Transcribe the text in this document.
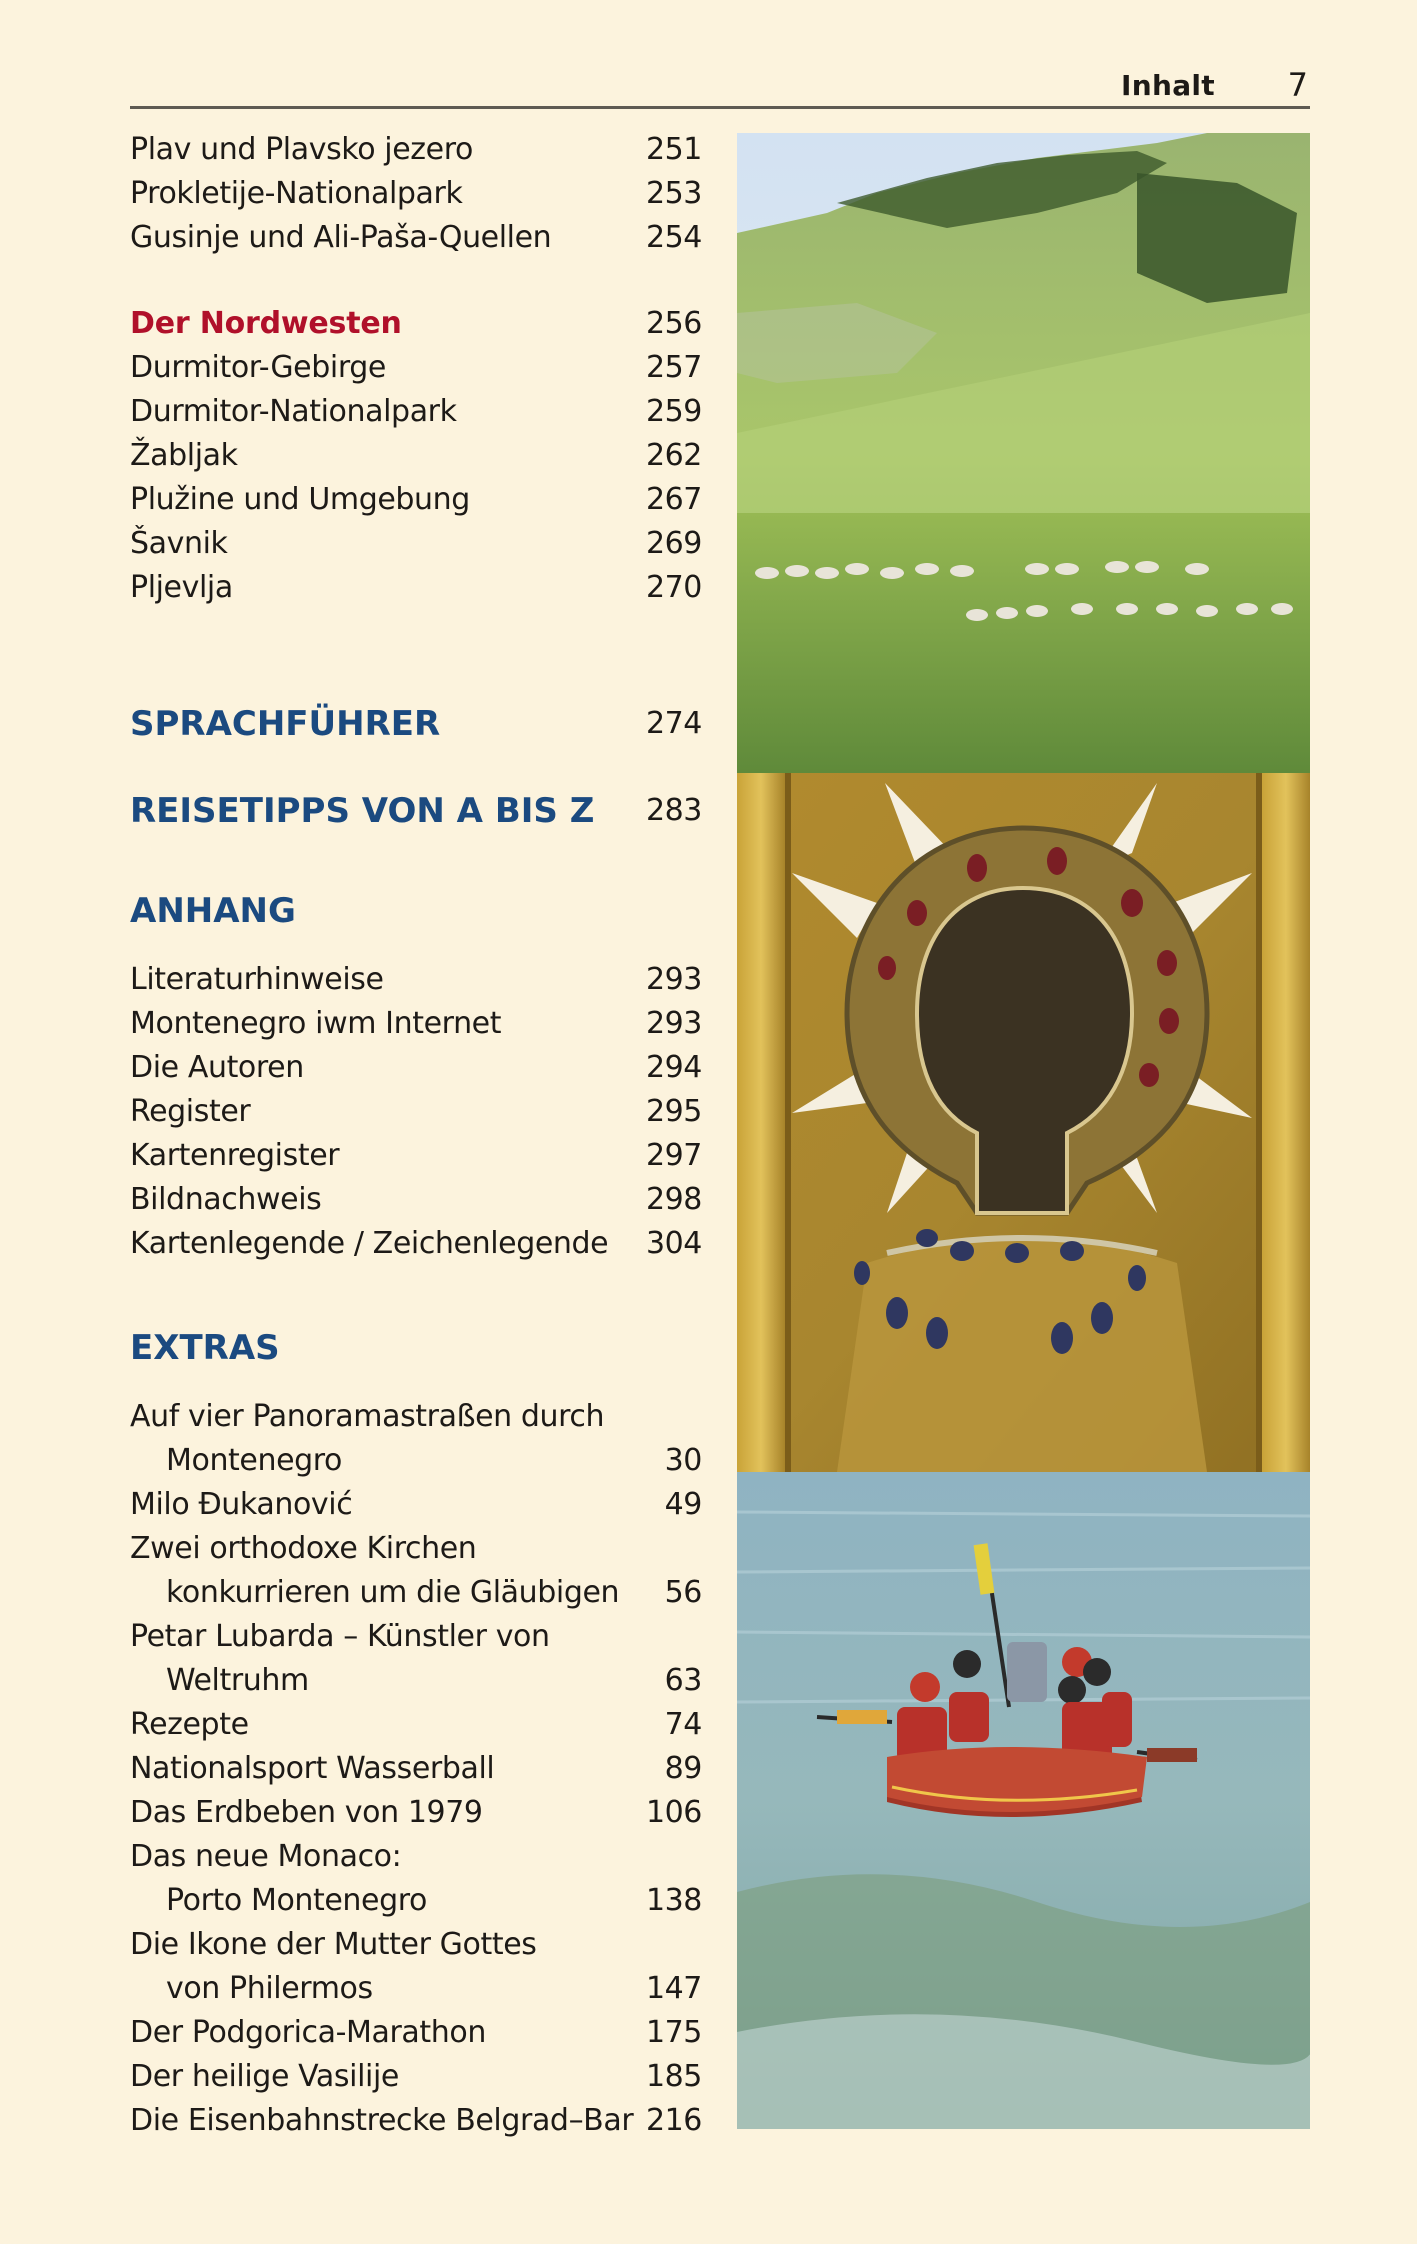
Inhalt 7
Plav und Plavsko jezero	251
Prokletije-Nationalpark	253
Gusinje und Ali-Paša-Quellen	254
Der Nordwesten	256
Durmitor-Gebirge	257
Durmitor-Nationalpark	259
Žabljak	262
Plužine und Umgebung	267
Šavnik	269
Pljevlja	270
SPRACHFÜHRER	274
REISETIPPS VON A BIS Z 283
ANHANG
Literaturhinweise	293
Montenegro iwm Internet	293
Die Autoren	294
Register	295
Kartenregister	297
Bildnachweis	298
Kartenlegende / Zeichenlegende 304
EXTRAS
Auf vier Panoramastraßen durch
Montenegro	30
Milo Đukanović	49
Zwei orthodoxe Kirchen
konkurrieren um die Gläubigen 56
Petar Lubarda – Künstler von
Weltruhm	63
Rezepte	74
Nationalsport Wasserball	89
Das Erdbeben von 1979	106
Das neue Monaco:
Porto Montenegro	138
Die Ikone der Mutter Gottes
von Philermos	147
Der Podgorica-Marathon	175
Der heilige Vasilije	185
Die Eisenbahnstrecke Belgrad–Bar 216
